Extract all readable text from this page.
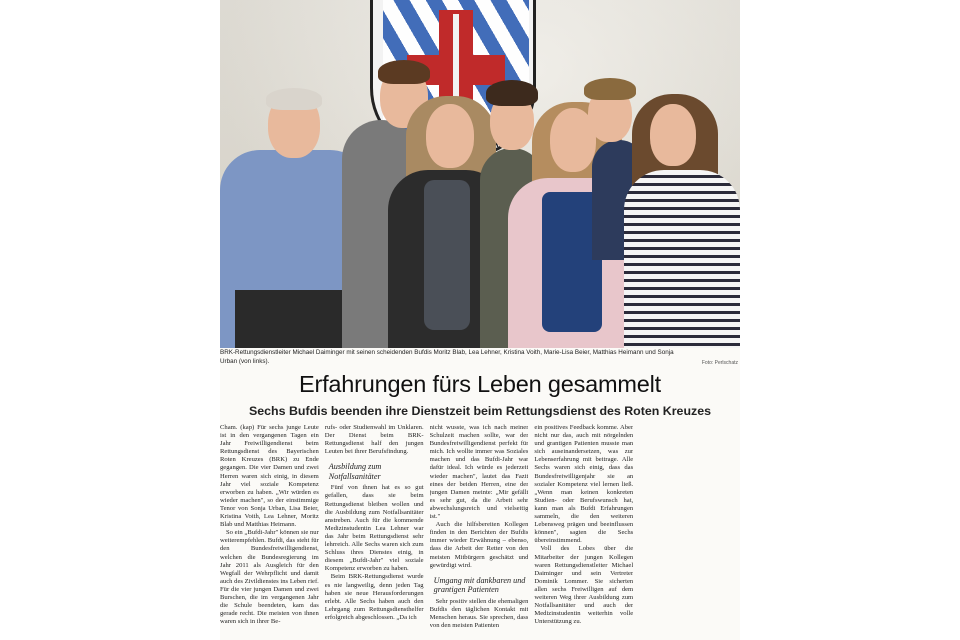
BRK-Rettungsdienstleiter Michael Daiminger mit seinen scheidenden Bufdis Moritz Blab, Lea Lehner, Kristina Voith, Marie-Lisa Beier, Matthias Heimann und Sonja
Urban (von links).	Foto: Perlschatz
Erfahrungen fürs Leben gesammelt
Sechs Bufdis beenden ihre Dienstzeit beim Rettungsdienst des Roten Kreuzes

Cham. (kap) Für sechs junge Leute ist in den vergangenen Tagen ein Jahr Freiwilligendienst beim Rettungsdienst des Bayerischen Roten Kreuzes (BRK) zu Ende gegangen. Die vier Damen und zwei Herren waren sich einig, in diesem Jahr viel soziale Kompetenz erworben zu haben. „Wir würden es wieder machen", so der einstimmige Tenor von Sonja Urban, Lisa Beier, Kristina Voith, Lea Lehner, Moritz Blab und Matthias Heimann.

So ein „Bufdi-Jahr" können sie nur weiterempfehlen. Bufdi, das steht für den Bundesfreiwilligendienst, welchen die Bundesregierung im Jahr 2011 als Ausgleich für den Wegfall der Wehrpflicht und damit auch des Zivildienstes ins Leben rief. Für die vier jungen Damen und zwei Burschen, die im vergangenen Jahr die Schule beendeten, kam das gerade recht. Die meisten von ihnen waren sich in ihrer Be-

rufs- oder Studienwahl im Unklaren. Der Dienst beim BRK-Rettungsdienst half den jungen Leuten bei ihrer Berufsfindung.

Ausbildung zum Notfallsanitäter

Fünf von ihnen hat es so gut gefallen, dass sie beim Rettungsdienst bleiben wollen und die Ausbildung zum Notfallsanitäter anstreben. Auch für die kommende Medizinstudentin Lea Lehner war das Jahr beim Rettungsdienst sehr lehrreich. Alle Sechs waren sich zum Schluss ihres Dienstes einig, in diesem „Bufdi-Jahr" viel soziale Kompetenz erworben zu haben.

Beim BRK-Rettungsdienst wurde es nie langweilig, denn jeden Tag haben sie neue Herausforderungen erlebt. Alle Sechs haben auch den Lehrgang zum Rettungsdiensthelfer erfolgreich abgeschlossen. „Da ich

nicht wusste, was ich nach meiner Schulzeit machen sollte, war der Bundesfreiwilligendienst perfekt für mich. Ich wollte immer was Soziales machen und das Bufdi-Jahr war dafür ideal. Ich würde es jederzeit wieder machen", lautet das Fazit eines der beiden Herren, eine der jungen Damen meinte: „Mir gefällt es sehr gut, da die Arbeit sehr abwechslungsreich und vielseitig ist."

Auch die hilfsbereiten Kollegen finden in den Berichten der Bufdis immer wieder Erwähnung – ebenso, dass die Arbeit der Retter von den meisten Mitbürgern geschätzt und gewürdigt wird.

Umgang mit dankbaren und grantigen Patienten

Sehr positiv stellen die ehemaligen Bufdis den täglichen Kontakt mit Menschen heraus. Sie sprechen, dass von den meisten Patienten

ein positives Feedback komme. Aber nicht nur das, auch mit nörgelnden und grantigen Patienten musste man sich auseinandersetzen, was zur Lebenserfahrung mit beitrage. Alle Sechs waren sich einig, dass das Bundesfreiwilligenjahr sie an sozialer Kompetenz viel lernen ließ. „Wenn man keinen konkreten Studien- oder Berufswunsch hat, kann man als Bufdi Erfahrungen sammeln, die den weiteren Lebensweg prägen und beeinflussen können", sagten die Sechs übereinstimmend.

Voll des Lobes über die Mitarbeiter der jungen Kollegen waren Rettungsdienstleiter Michael Daiminger und sein Vertreter Dominik Lommer. Sie sicherten allen sechs Freiwilligen auf dem weiteren Weg ihrer Ausbildung zum Notfallsanitäter und auch der Medizinstudentin weiterhin volle Unterstützung zu.
